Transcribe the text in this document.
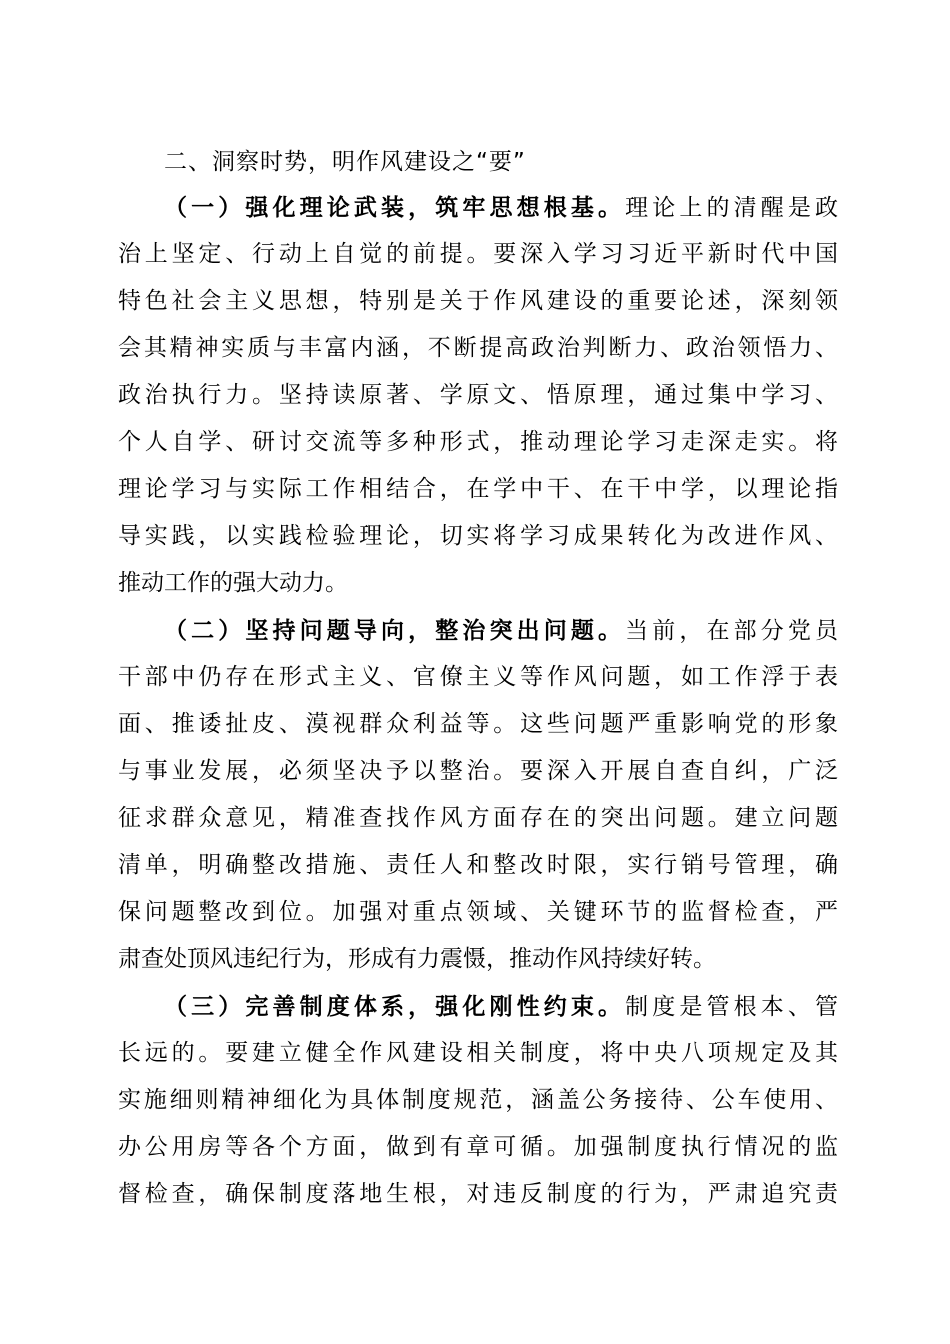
二、洞察时势，明作风建设之“要”
（一）强化理论武装，筑牢思想根基。理论上的清醒是政
治上坚定、行动上自觉的前提。要深入学习习近平新时代中国
特色社会主义思想，特别是关于作风建设的重要论述，深刻领
会其精神实质与丰富内涵，不断提高政治判断力、政治领悟力、
政治执行力。坚持读原著、学原文、悟原理，通过集中学习、
个人自学、研讨交流等多种形式，推动理论学习走深走实。将
理论学习与实际工作相结合，在学中干、在干中学，以理论指
导实践，以实践检验理论，切实将学习成果转化为改进作风、
推动工作的强大动力。
（二）坚持问题导向，整治突出问题。当前，在部分党员
干部中仍存在形式主义、官僚主义等作风问题，如工作浮于表
面、推诿扯皮、漠视群众利益等。这些问题严重影响党的形象
与事业发展，必须坚决予以整治。要深入开展自查自纠，广泛
征求群众意见，精准查找作风方面存在的突出问题。建立问题
清单，明确整改措施、责任人和整改时限，实行销号管理，确
保问题整改到位。加强对重点领域、关键环节的监督检查，严
肃查处顶风违纪行为，形成有力震慑，推动作风持续好转。
（三）完善制度体系，强化刚性约束。制度是管根本、管
长远的。要建立健全作风建设相关制度，将中央八项规定及其
实施细则精神细化为具体制度规范，涵盖公务接待、公车使用、
办公用房等各个方面，做到有章可循。加强制度执行情况的监
督检查，确保制度落地生根，对违反制度的行为，严肃追究责
